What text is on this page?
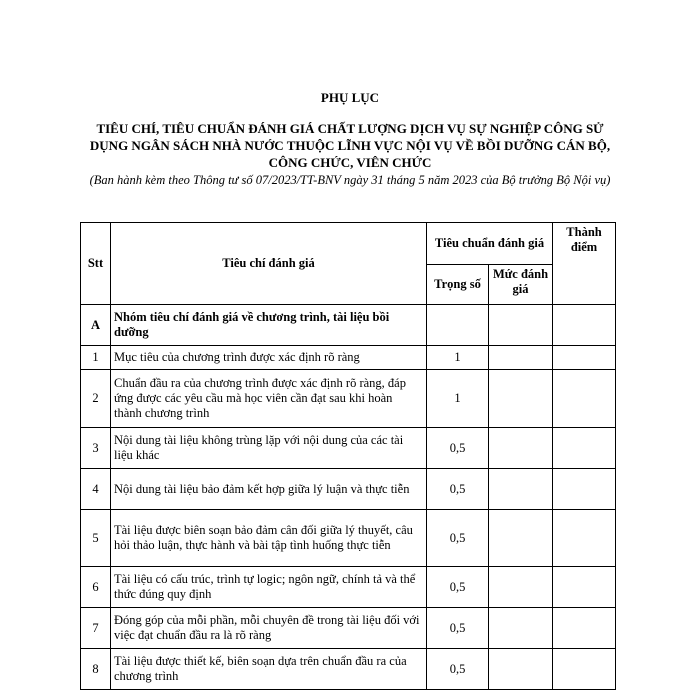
PHỤ LỤC
TIÊU CHÍ, TIÊU CHUẨN ĐÁNH GIÁ CHẤT LƯỢNG DỊCH VỤ SỰ NGHIỆP CÔNG SỬ DỤNG NGÂN SÁCH NHÀ NƯỚC THUỘC LĨNH VỰC NỘI VỤ VỀ BỒI DƯỠNG CÁN BỘ, CÔNG CHỨC, VIÊN CHỨC
(Ban hành kèm theo Thông tư số 07/2023/TT-BNV ngày 31 tháng 5 năm 2023 của Bộ trưởng Bộ Nội vụ)
Stt	Tiêu chí đánh giá	Tiêu chuẩn đánh giá		Thành điểm
		Trọng số	Mức đánh giá	
A	Nhóm tiêu chí đánh giá về chương trình, tài liệu bồi dưỡng			
1	Mục tiêu của chương trình được xác định rõ ràng	1		
2	Chuẩn đầu ra của chương trình được xác định rõ ràng, đáp ứng được các yêu cầu mà học viên cần đạt sau khi hoàn thành chương trình	1		
3	Nội dung tài liệu không trùng lặp với nội dung của các tài liệu khác	0,5		
4	Nội dung tài liệu bảo đảm kết hợp giữa lý luận và thực tiễn	0,5		
5	Tài liệu được biên soạn bảo đảm cân đối giữa lý thuyết, câu hỏi thảo luận, thực hành và bài tập tình huống thực tiễn	0,5		
6	Tài liệu có cấu trúc, trình tự logic; ngôn ngữ, chính tả và thể thức đúng quy định	0,5		
7	Đóng góp của mỗi phần, mỗi chuyên đề trong tài liệu đối với việc đạt chuẩn đầu ra là rõ ràng	0,5		
8	Tài liệu được thiết kế, biên soạn dựa trên chuẩn đầu ra của chương trình	0,5		
